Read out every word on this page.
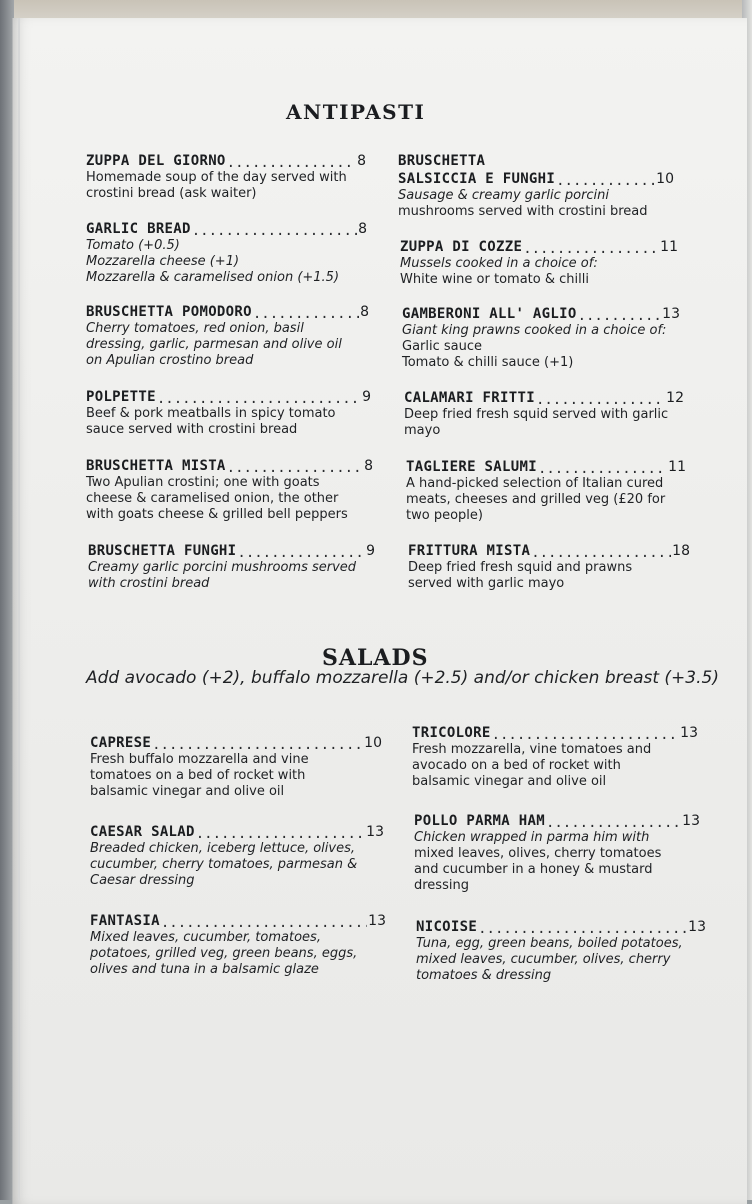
ANTIPASTI
ZUPPA DEL GIORNO .....	8
Homemade soup of the day served with
crostini bread (ask waiter)
GARLIC BREAD .....	8
Tomato (+0.5)
Mozzarella cheese (+1)
Mozzarella & caramelised onion (+1.5)
BRUSCHETTA POMODORO .....	8
Cherry tomatoes, red onion, basil
dressing, garlic, parmesan and olive oil
on Apulian crostino bread
POLPETTE .....	9
Beef & pork meatballs in spicy tomato
sauce served with crostini bread
BRUSCHETTA MISTA .....	8
Two Apulian crostini; one with goats
cheese & caramelised onion, the other
with goats cheese & grilled bell peppers
BRUSCHETTA FUNGHI .....	9
Creamy garlic porcini mushrooms served
with crostini bread
BRUSCHETTA
SALSICCIA E FUNGHI .....	10
Sausage & creamy garlic porcini
mushrooms served with crostini bread
ZUPPA DI COZZE .....	11
Mussels cooked in a choice of:
White wine or tomato & chilli
GAMBERONI ALL' AGLIO .....	13
Giant king prawns cooked in a choice of:
Garlic sauce
Tomato & chilli sauce (+1)
CALAMARI FRITTI .....	12
Deep fried fresh squid served with garlic
mayo
TAGLIERE SALUMI .....	11
A hand-picked selection of Italian cured
meats, cheeses and grilled veg (£20 for
two people)
FRITTURA MISTA .....	18
Deep fried fresh squid and prawns
served with garlic mayo
SALADS
Add avocado (+2), buffalo mozzarella (+2.5) and/or chicken breast (+3.5)
CAPRESE .....	10
Fresh buffalo mozzarella and vine
tomatoes on a bed of rocket with
balsamic vinegar and olive oil
CAESAR SALAD .....	13
Breaded chicken, iceberg lettuce, olives,
cucumber, cherry tomatoes, parmesan &
Caesar dressing
FANTASIA .....	13
Mixed leaves, cucumber, tomatoes,
potatoes, grilled veg, green beans, eggs,
olives and tuna in a balsamic glaze
TRICOLORE .....	13
Fresh mozzarella, vine tomatoes and
avocado on a bed of rocket with
balsamic vinegar and olive oil
POLLO PARMA HAM .....	13
Chicken wrapped in parma him with
mixed leaves, olives, cherry tomatoes
and cucumber in a honey & mustard
dressing
NICOISE .....	13
Tuna, egg, green beans, boiled potatoes,
mixed leaves, cucumber, olives, cherry
tomatoes & dressing
